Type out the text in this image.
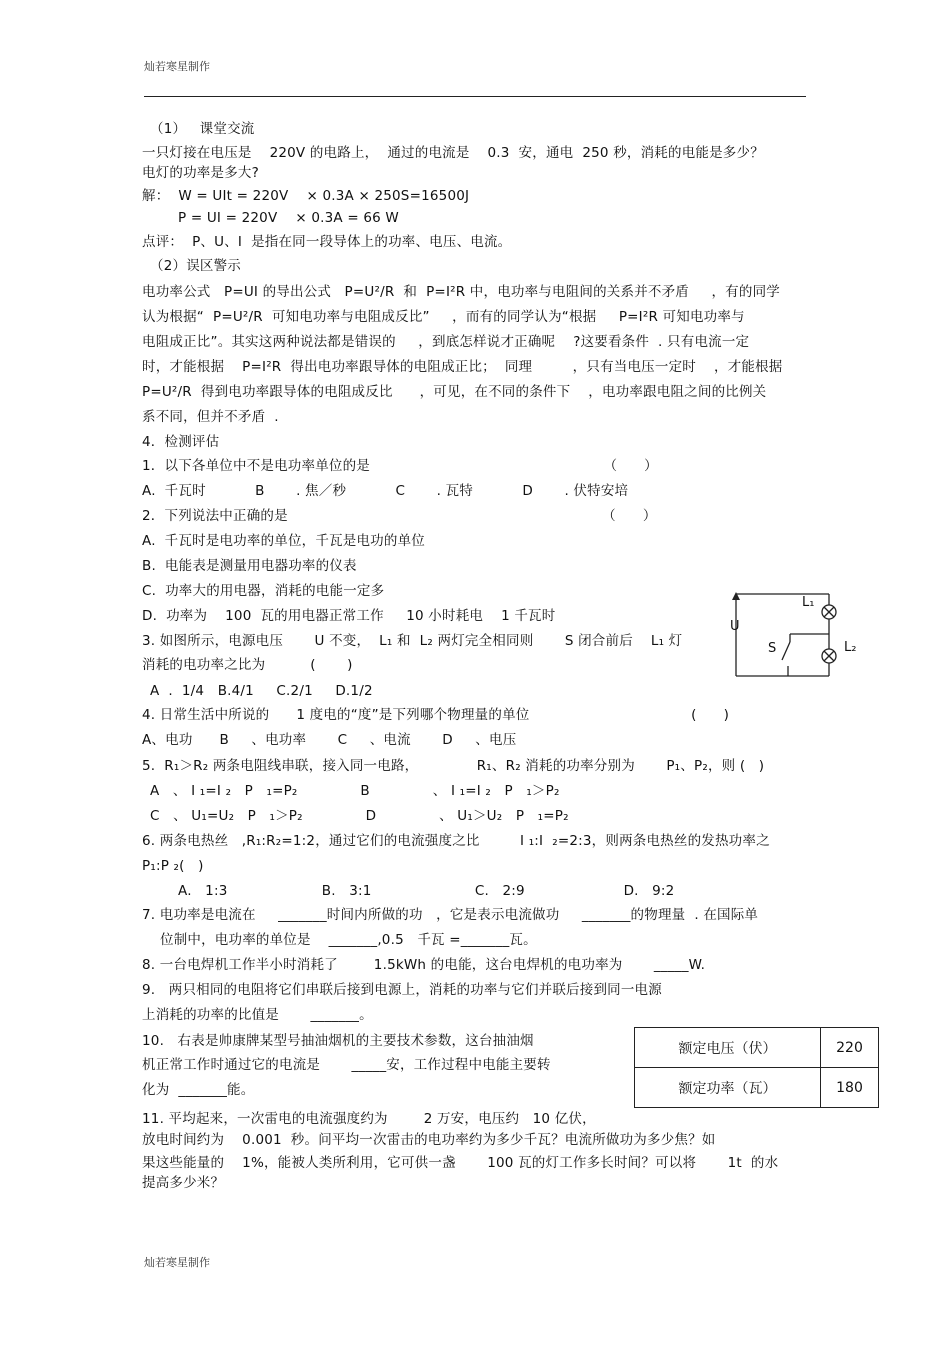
灿若寒星制作
（1）   课堂交流
一只灯接在电压是    220V 的电路上，  通过的电流是    0.3  安，通电  250 秒，消耗的电能是多少？
电灯的功率是多大?
解：  W = UIt = 220V    × 0.3A × 250S=16500J
P = UI = 220V    × 0.3A = 66 W
点评：  P、U、I  是指在同一段导体上的功率、电压、电流。
（2）误区警示
电功率公式   P=UI 的导出公式   P=U²/R  和  P=I²R 中，电功率与电阻间的关系并不矛盾     ，有的同学
认为根据“  P=U²/R  可知电功率与电阻成反比”     ，而有的同学认为“根据     P=I²R 可知电功率与
电阻成正比”。其实这两种说法都是错误的     ，到底怎样说才正确呢    ?这要看条件  . 只有电流一定
时，才能根据    P=I²R  得出电功率跟导体的电阻成正比；  同理         ，只有当电压一定时    ，才能根据
P=U²/R  得到电功率跟导体的电阻成反比      ，可见，在不同的条件下    ，电功率跟电阻之间的比例关
系不同，但并不矛盾  .
4．检测评估
1．以下各单位中不是电功率单位的是                                                    （      ）
A.  千瓦时           B       . 焦／秒           C       . 瓦特           D       . 伏特安培
2．下列说法中正确的是                                                                      （      ）
A.  千瓦时是电功率的单位，千瓦是电功的单位
B.  电能表是测量用电器功率的仪表
C.  功率大的用电器，消耗的电能一定多
D.  功率为    100  瓦的用电器正常工作     10 小时耗电    1 千瓦时
3. 如图所示，电源电压       U 不变，  L₁ 和  L₂ 两灯完全相同则       S 闭合前后    L₁ 灯
消耗的电功率之比为          (       )
A  .  1/4   B.4/1     C.2/1     D.1/2
4. 日常生活中所说的      1 度电的“度”是下列哪个物理量的单位                                    (      )
A、电功      B     、电功率       C     、电流       D     、电压
5.  R₁＞R₂ 两条电阻线串联，接入同一电路，             R₁、R₂ 消耗的功率分别为       P₁、P₂，则 (   )
A   、 I ₁=I ₂   P   ₁=P₂              B              、 I ₁=I ₂   P   ₁＞P₂
C   、 U₁=U₂   P   ₁＞P₂              D              、 U₁＞U₂   P   ₁=P₂
6. 两条电热丝   ,R₁:R₂=1:2，通过它们的电流强度之比         I ₁:I  ₂=2:3，则两条电热丝的发热功率之
P₁:P ₂(   )
A.   1:3                     B.   3:1                       C.   2:9                      D.   9:2
7. 电功率是电流在     _______时间内所做的功   ，它是表示电流做功     _______的物理量  . 在国际单
位制中，电功率的单位是    _______,0.5   千瓦 =_______瓦。
8. 一台电焊机工作半小时消耗了        1.5kWh 的电能，这台电焊机的电功率为       _____W.
9.   两只相同的电阻将它们串联后接到电源上，消耗的功率与它们并联后接到同一电源
上消耗的功率的比值是       _______。
10.   右表是帅康牌某型号抽油烟机的主要技术参数，这台抽油烟
机正常工作时通过它的电流是       _____安，工作过程中电能主要转
化为  _______能。
11. 平均起来，一次雷电的电流强度约为        2 万安，电压约   10 亿伏，
放电时间约为    0.001  秒。问平均一次雷击的电功率约为多少千瓦？电流所做功为多少焦？如
果这些能量的    1%，能被人类所利用，它可供一盏       100 瓦的灯工作多长时间？可以将       1t  的水
提高多少米？
额定电压（伏）	220
额定功率（瓦）	180
U
S
L₁
L₂
灿若寒星制作
